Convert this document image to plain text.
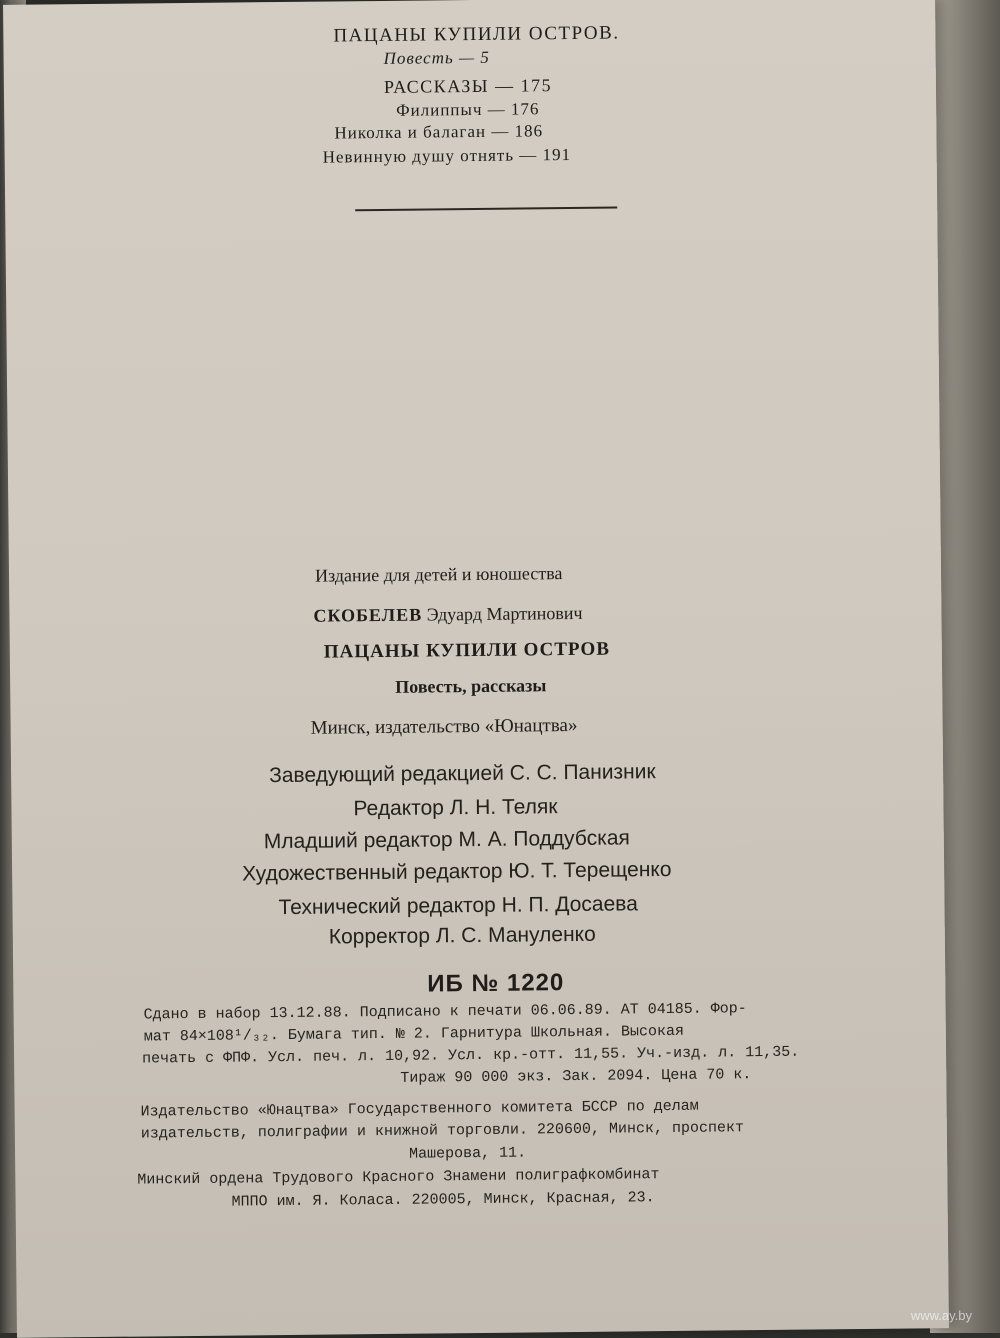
ПАЦАНЫ КУПИЛИ ОСТРОВ.
Повесть — 5
РАССКАЗЫ — 175
Филиппыч — 176
Николка и балаган — 186
Невинную душу отнять — 191
Издание для детей и юношества
СКОБЕЛЕВ Эдуард Мартинович
ПАЦАНЫ КУПИЛИ ОСТРОВ
Повесть, рассказы
Минск, издательство «Юнацтва»
Заведующий редакцией С. С. Панизник
Редактор Л. Н. Теляк
Младший редактор М. А. Поддубская
Художественный редактор Ю. Т. Терещенко
Технический редактор Н. П. Досаева
Корректор Л. С. Мануленко
ИБ № 1220
Сдано в набор 13.12.88. Подписано к печати 06.06.89. АТ 04185. Фор-
мат 84×108¹/₃₂. Бумага тип. № 2. Гарнитура Школьная. Высокая
печать с ФПФ. Усл. печ. л. 10,92. Усл. кр.-отт. 11,55. Уч.-изд. л. 11,35.
Тираж 90 000 экз. Зак. 2094. Цена 70 к.
Издательство «Юнацтва» Государственного комитета БССР по делам
издательств, полиграфии и книжной торговли. 220600, Минск, проспект
Машерова, 11.
Минский ордена Трудового Красного Знамени полиграфкомбинат
МППО им. Я. Коласа. 220005, Минск, Красная, 23.
www.ay.by
